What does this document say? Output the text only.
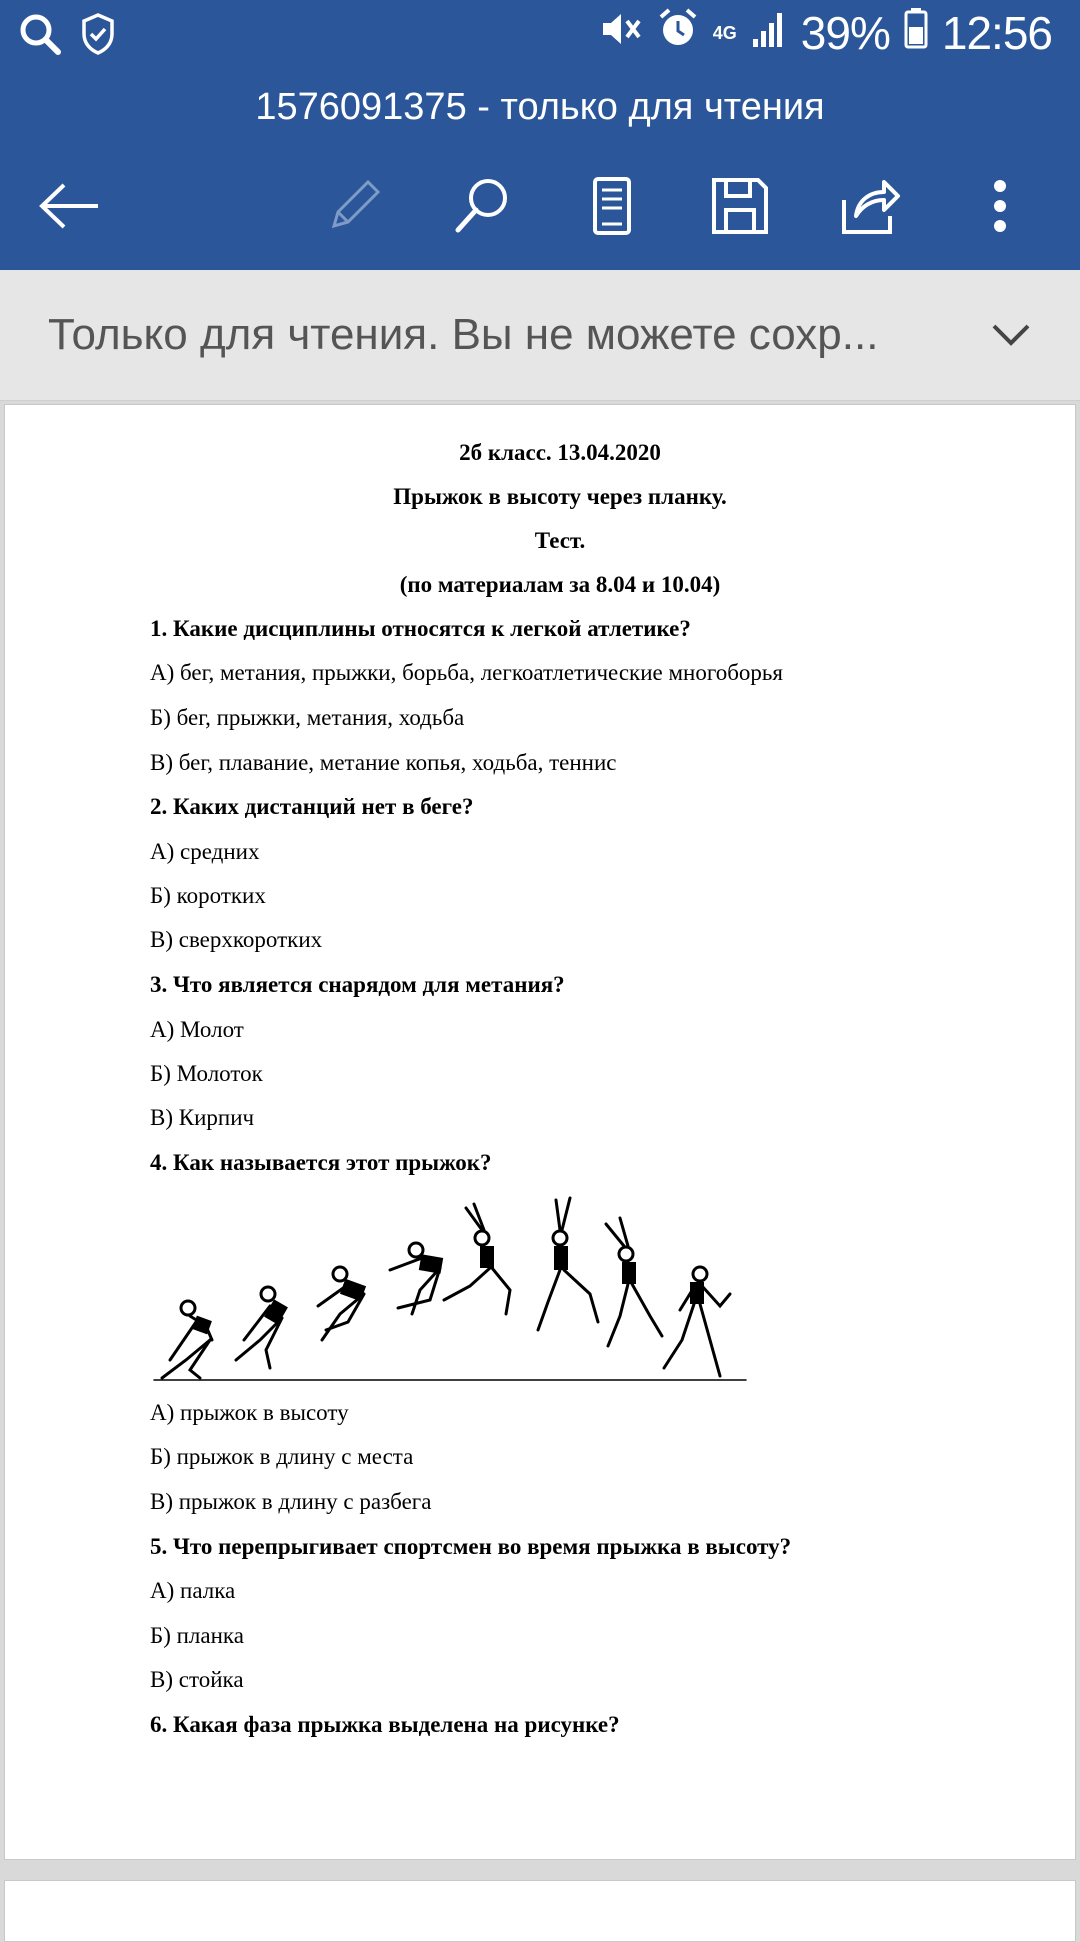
4G 39% 12:56
1576091375 - только для чтения
Только для чтения. Вы не можете сохр...
2б класс. 13.04.2020
Прыжок в высоту через планку.
Тест.
(по материалам за 8.04 и 10.04)
1. Какие дисциплины относятся к легкой атлетике?
А) бег, метания, прыжки, борьба, легкоатлетические многоборья
Б) бег, прыжки, метания, ходьба
В) бег, плавание, метание копья, ходьба, теннис
2. Каких дистанций нет в беге?
А) средних
Б) коротких
В) сверхкоротких
3. Что является снарядом для метания?
А) Молот
Б) Молоток
В) Кирпич
4. Как называется этот прыжок?
А) прыжок в высоту
Б) прыжок в длину с места
В) прыжок в длину с разбега
5. Что перепрыгивает спортсмен во время прыжка в высоту?
А) палка
Б) планка
В) стойка
6. Какая фаза прыжка выделена на рисунке?
